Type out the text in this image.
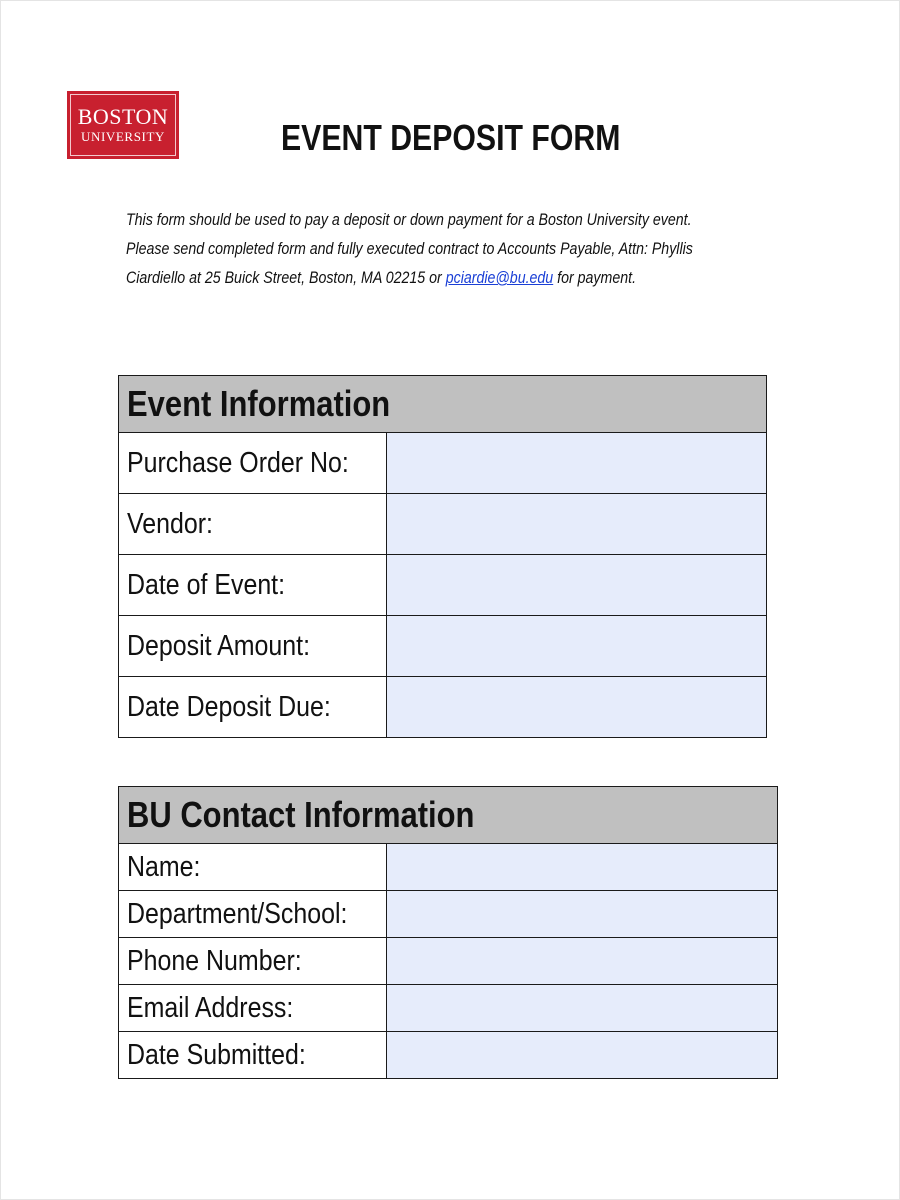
BOSTON
UNIVERSITY	EVENT DEPOSIT FORM

This form should be used to pay a deposit or down payment for a Boston University event. Please send completed form and fully executed contract to Accounts Payable, Attn: Phyllis Ciardiello at 25 Buick Street, Boston, MA 02215 or pciardie@bu.edu for payment.

Event Information	
Purchase Order No:	

Vendor:	

Date of Event:	

Deposit Amount:	

Date Deposit Due:	
BU Contact Information	
Name:	

Department/School:	

Phone Number:	

Email Address:	

Date Submitted:	
